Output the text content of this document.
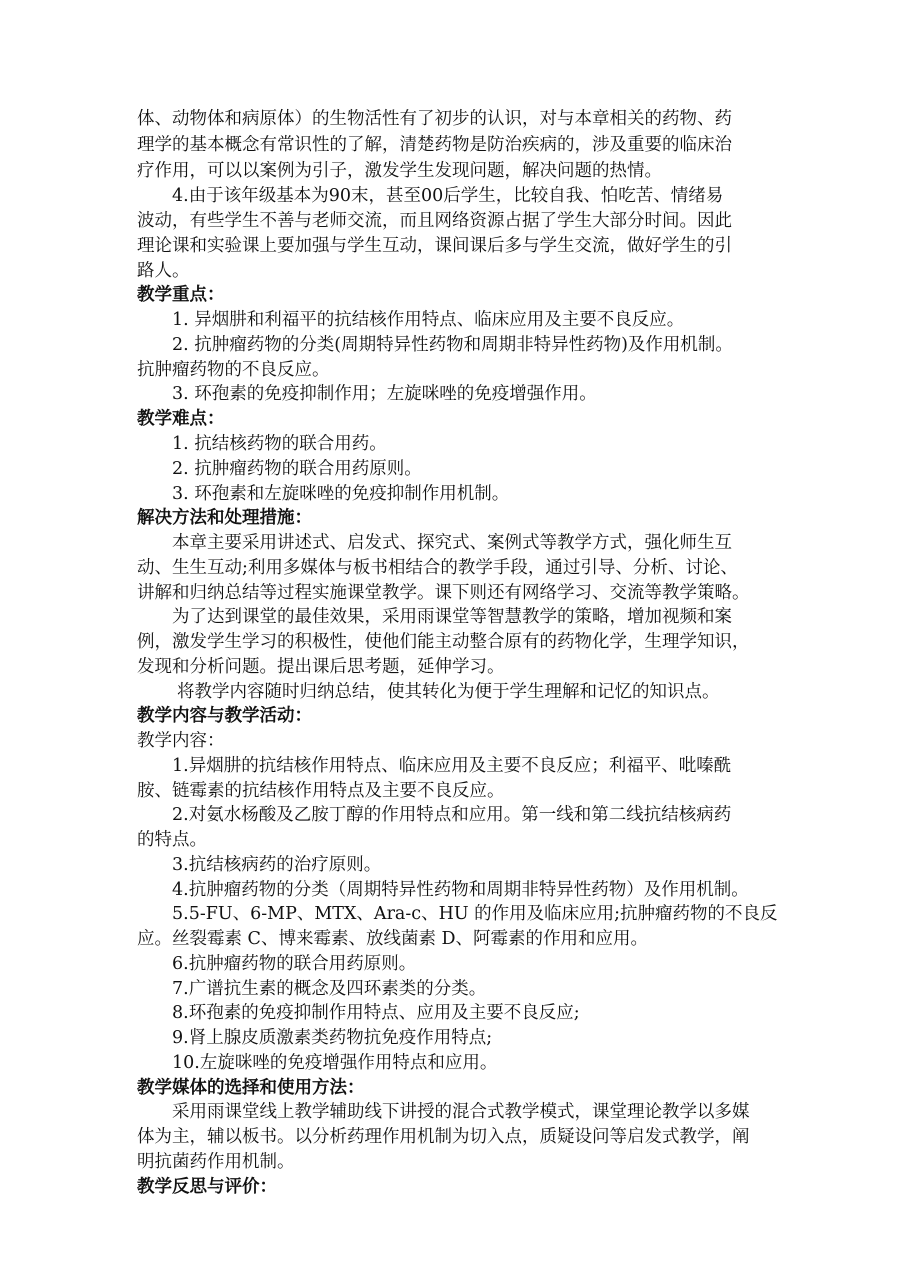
体、动物体和病原体）的生物活性有了初步的认识，对与本章相关的药物、药
理学的基本概念有常识性的了解，清楚药物是防治疾病的，涉及重要的临床治
疗作用，可以以案例为引子，激发学生发现问题，解决问题的热情。
4.由于该年级基本为90末，甚至00后学生，比较自我、怕吃苦、情绪易
波动，有些学生不善与老师交流，而且网络资源占据了学生大部分时间。因此
理论课和实验课上要加强与学生互动，课间课后多与学生交流，做好学生的引
路人。
教学重点：
1. 异烟肼和利福平的抗结核作用特点、临床应用及主要不良反应。
2. 抗肿瘤药物的分类(周期特异性药物和周期非特异性药物)及作用机制。
抗肿瘤药物的不良反应。
3. 环孢素的免疫抑制作用；左旋咪唑的免疫增强作用。
教学难点：
1. 抗结核药物的联合用药。
2. 抗肿瘤药物的联合用药原则。
3. 环孢素和左旋咪唑的免疫抑制作用机制。
解决方法和处理措施：
本章主要采用讲述式、启发式、探究式、案例式等教学方式，强化师生互
动、生生互动;利用多媒体与板书相结合的教学手段，通过引导、分析、讨论、
讲解和归纳总结等过程实施课堂教学。课下则还有网络学习、交流等教学策略。
为了达到课堂的最佳效果，采用雨课堂等智慧教学的策略，增加视频和案
例，激发学生学习的积极性，使他们能主动整合原有的药物化学，生理学知识，
发现和分析问题。提出课后思考题，延伸学习。
将教学内容随时归纳总结，使其转化为便于学生理解和记忆的知识点。
教学内容与教学活动：
教学内容：
1.异烟肼的抗结核作用特点、临床应用及主要不良反应；利福平、吡嗪酰
胺、链霉素的抗结核作用特点及主要不良反应。
2.对氨水杨酸及乙胺丁醇的作用特点和应用。第一线和第二线抗结核病药
的特点。
3.抗结核病药的治疗原则。
4.抗肿瘤药物的分类（周期特异性药物和周期非特异性药物）及作用机制。
5.5-FU、6-MP、MTX、Ara-c、HU 的作用及临床应用;抗肿瘤药物的不良反
应。丝裂霉素 C、博来霉素、放线菌素 D、阿霉素的作用和应用。
6.抗肿瘤药物的联合用药原则。
7.广谱抗生素的概念及四环素类的分类。
8.环孢素的免疫抑制作用特点、应用及主要不良反应;
9.肾上腺皮质激素类药物抗免疫作用特点;
10.左旋咪唑的免疫增强作用特点和应用。
教学媒体的选择和使用方法：
采用雨课堂线上教学辅助线下讲授的混合式教学模式，课堂理论教学以多媒
体为主，辅以板书。以分析药理作用机制为切入点，质疑设问等启发式教学，阐
明抗菌药作用机制。
教学反思与评价：
